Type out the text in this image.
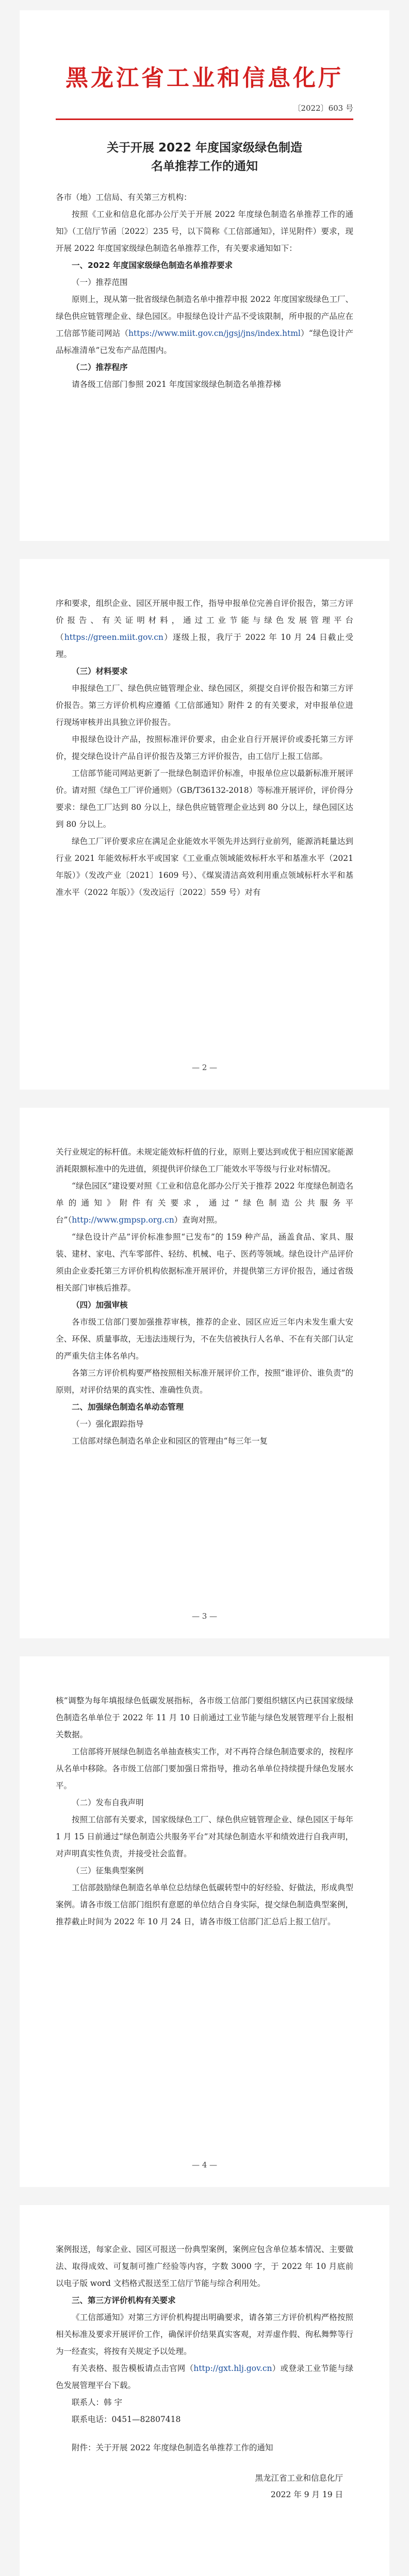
黑龙江省工业和信息化厅
〔2022〕603 号
关于开展 2022 年度国家级绿色制造
名单推荐工作的通知

各市（地）工信局、有关第三方机构：

按照《工业和信息化部办公厅关于开展 2022 年度绿色制造名单推荐工作的通知》（工信厅节函〔2022〕235 号，以下简称《工信部通知》，详见附件）要求，现开展 2022 年度国家级绿色制造名单推荐工作，有关要求通知如下：

一、2022 年度国家级绿色制造名单推荐要求

（一）推荐范围

原则上，现从第一批省级绿色制造名单中推荐申报 2022 年度国家级绿色工厂、绿色供应链管理企业、绿色园区。申报绿色设计产品不受该限制，所申报的产品应在工信部节能司网站（https://www.miit.gov.cn/jgsj/jns/index.html）“绿色设计产品标准清单”已发布产品范围内。

（二）推荐程序

请各级工信部门参照 2021 年度国家级绿色制造名单推荐梯

序和要求，组织企业、园区开展申报工作，指导申报单位完善自评价报告，第三方评价报告、有关证明材料，通过工业节能与绿色发展管理平台（https://green.miit.gov.cn）逐级上报，我厅于 2022 年 10 月 24 日截止受理。

（三）材料要求

申报绿色工厂、绿色供应链管理企业、绿色园区，须提交自评价报告和第三方评价报告。第三方评价机构应遵循《工信部通知》附件 2 的有关要求，对申报单位进行现场审核并出具独立评价报告。

申报绿色设计产品，按照标准评价要求，由企业自行开展评价或委托第三方评价，提交绿色设计产品自评价报告及第三方评价报告，由工信厅上报工信部。

工信部节能司网站更新了一批绿色制造评价标准，申报单位应以最新标准开展评价。请对照《绿色工厂评价通则》（GB/T36132-2018）等标准开展评价，评价得分要求：绿色工厂达到 80 分以上，绿色供应链管理企业达到 80 分以上，绿色园区达到 80 分以上。

绿色工厂评价要求应在满足企业能效水平领先并达到行业前列，能源消耗量达到行业 2021 年能效标杆水平或国家《工业重点领域能效标杆水平和基准水平（2021 年版）》（发改产业〔2021〕1609 号）、《煤炭清洁高效利用重点领域标杆水平和基准水平（2022 年版）》（发改运行〔2022〕559 号）对有

— 2 —

关行业规定的标杆值。未规定能效标杆值的行业，原则上要达到或优于相应国家能源消耗限额标准中的先进值，须提供评价绿色工厂能效水平等级与行业对标情况。

“绿色园区”建设要对照《工业和信息化部办公厅关于推荐 2022 年度绿色制造名单的通知》附件有关要求，通过“绿色制造公共服务平台”（http://www.gmpsp.org.cn）查询对照。

“绿色设计产品”评价标准参照“已发布”的 159 种产品，涵盖食品、家具、服装、建材、家电、汽车零部件、轻纺、机械、电子、医药等领域。绿色设计产品评价须由企业委托第三方评价机构依据标准开展评价，并提供第三方评价报告，通过省级相关部门审核后推荐。

（四）加强审核

各市级工信部门要加强推荐审核，推荐的企业、园区应近三年内未发生重大安全、环保、质量事故，无违法违规行为，不在失信被执行人名单、不在有关部门认定的严重失信主体名单内。

各第三方评价机构要严格按照相关标准开展评价工作，按照“谁评价、谁负责”的原则，对评价结果的真实性、准确性负责。

二、加强绿色制造名单动态管理

（一）强化跟踪指导

工信部对绿色制造名单企业和园区的管理由“每三年一复

— 3 —

核”调整为每年填报绿色低碳发展指标，各市级工信部门要组织辖区内已获国家级绿色制造名单单位于 2022 年 11 月 10 日前通过工业节能与绿色发展管理平台上报相关数据。

工信部将开展绿色制造名单抽查核实工作，对不再符合绿色制造要求的，按程序从名单中移除。各市级工信部门要加强日常指导，推动名单单位持续提升绿色发展水平。

（二）发布自我声明

按照工信部有关要求，国家级绿色工厂、绿色供应链管理企业、绿色园区于每年 1 月 15 日前通过“绿色制造公共服务平台”对其绿色制造水平和绩效进行自我声明，对声明真实性负责，并接受社会监督。

（三）征集典型案例

工信部鼓励绿色制造名单单位总结绿色低碳转型中的好经验、好做法，形成典型案例。请各市级工信部门组织有意愿的单位结合自身实际，提交绿色制造典型案例，推荐截止时间为 2022 年 10 月 24 日，请各市级工信部门汇总后上报工信厅。

— 4 —

案例报送，每家企业、园区可报送一份典型案例，案例应包含单位基本情况、主要做法、取得成效、可复制可推广经验等内容，字数 3000 字，于 2022 年 10 月底前以电子版 word 文档格式报送至工信厅节能与综合利用处。

三、第三方评价机构有关要求

《工信部通知》对第三方评价机构提出明确要求，请各第三方评价机构严格按照相关标准及要求开展评价工作，确保评价结果真实客观，对弄虚作假、徇私舞弊等行为一经查实，将按有关规定予以处理。

有关表格、报告模板请点击官网（http://gxt.hlj.gov.cn）或登录工业节能与绿色发展管理平台下载。

联系人：韩 宇

联系电话：0451—82807418

附件：关于开展 2022 年度绿色制造名单推荐工作的通知

黑龙江省工业和信息化厅
2022 年 9 月 19 日
